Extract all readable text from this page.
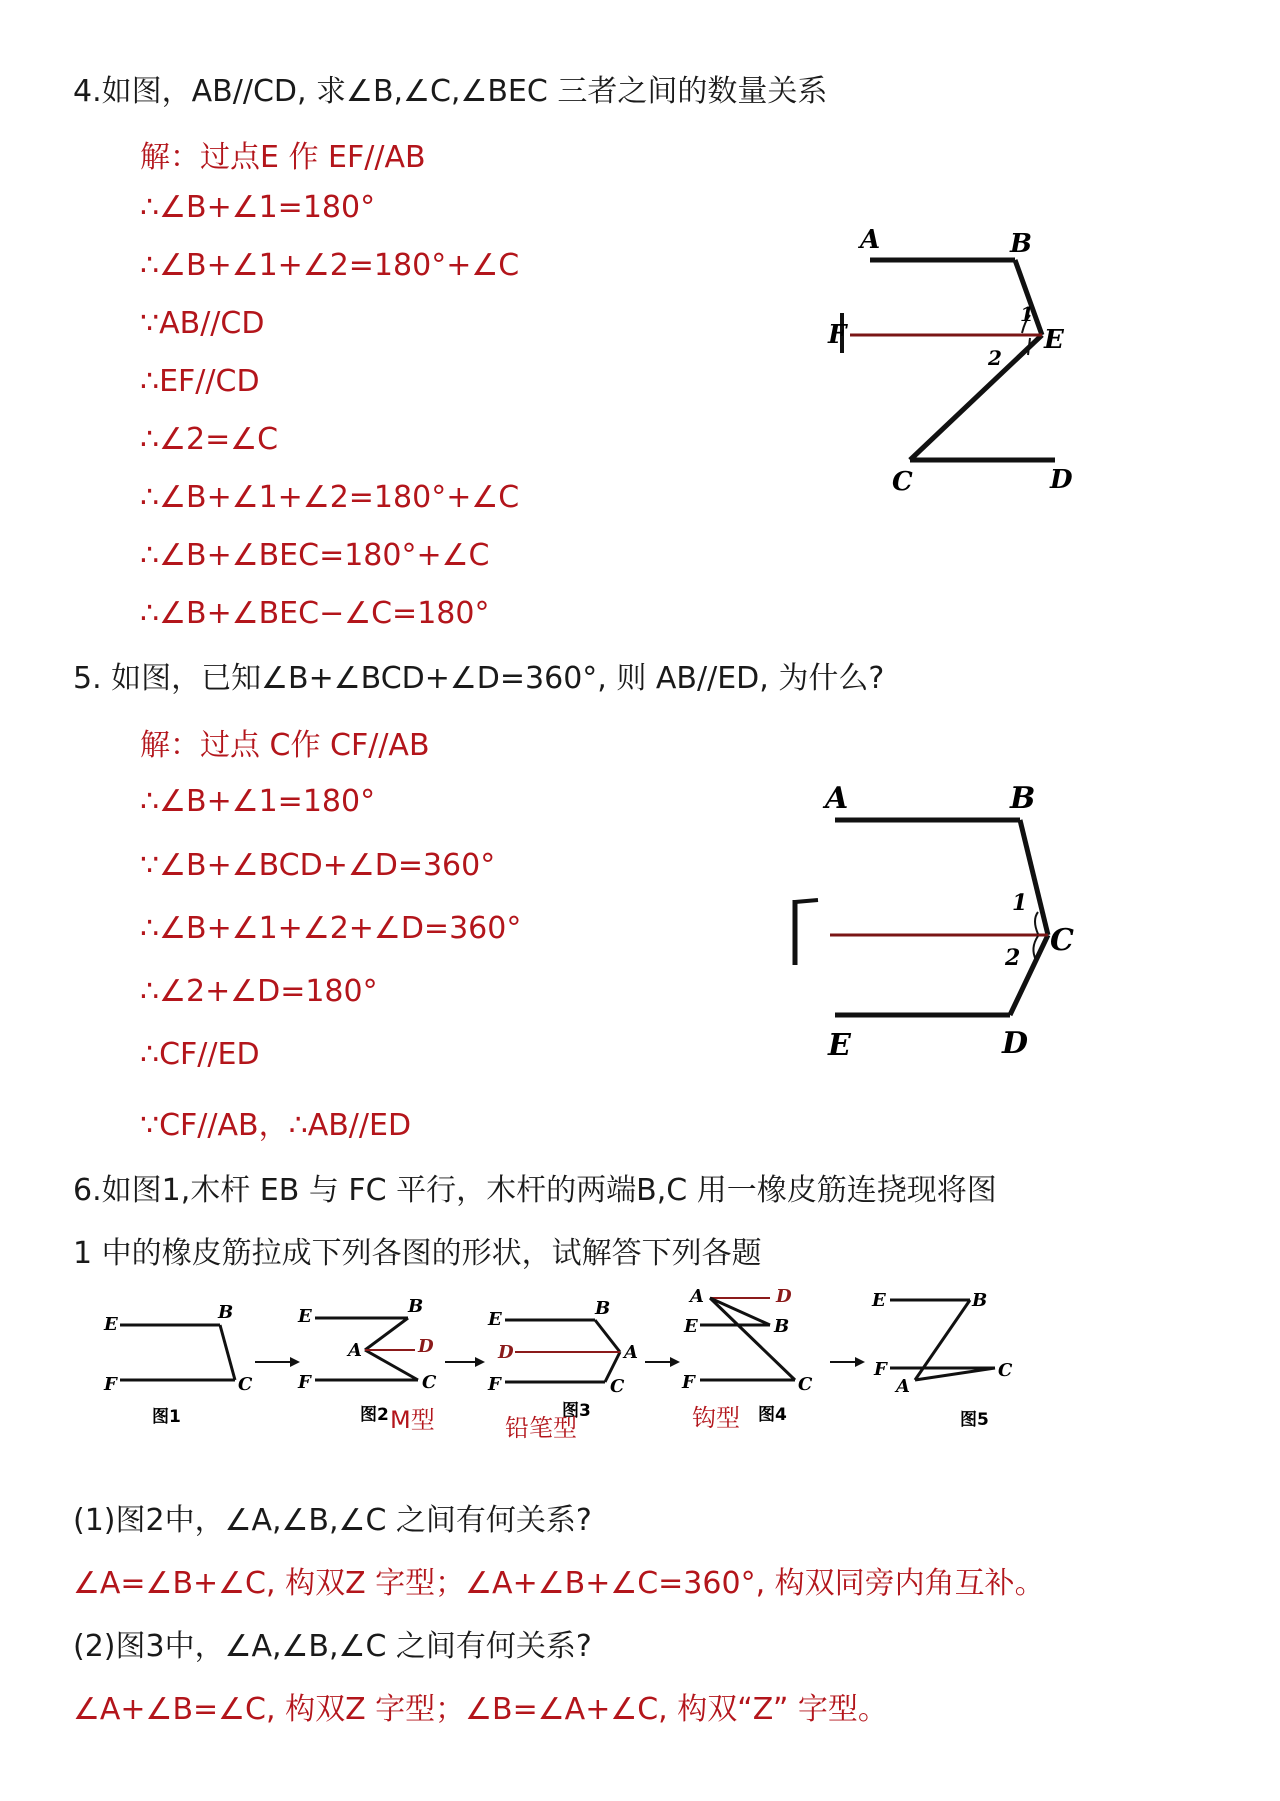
4.如图，AB//CD, 求∠B,∠C,∠BEC 三者之间的数量关系
解：过点E 作 EF//AB
∴∠B+∠1=180°
∴∠B+∠1+∠2=180°+∠C
∵AB//CD
∴EF//CD
∴∠2=∠C
∴∠B+∠1+∠2=180°+∠C
∴∠B+∠BEC=180°+∠C
∴∠B+∠BEC−∠C=180°
A	B
F	E
1
2
C	D
5. 如图，已知∠B+∠BCD+∠D=360°, 则 AB//ED, 为什么?
解：过点 C作 CF//AB
∴∠B+∠1=180°
∵∠B+∠BCD+∠D=360°
∴∠B+∠1+∠2+∠D=360°
∴∠2+∠D=180°
∴CF//ED
∵CF//AB，∴AB//ED
A	B
1
2 C
E	D
6.如图1,木杆 EB 与 FC 平行，木杆的两端B,C 用一橡皮筋连挠现将图
1 中的橡皮筋拉成下列各图的形状，试解答下列各题
E
B
F	C
图1
E	B
A	D
F	C
图2 M型
E
B
D	A
F	C
图3
铅笔型
A	D
E	B
F	C
钩型 图4
E	B
F	C
A
图5
(1)图2中，∠A,∠B,∠C 之间有何关系?
∠A=∠B+∠C, 构双Z 字型；∠A+∠B+∠C=360°, 构双同旁内角互补。
(2)图3中，∠A,∠B,∠C 之间有何关系?
∠A+∠B=∠C, 构双Z 字型；∠B=∠A+∠C, 构双“Z” 字型。
